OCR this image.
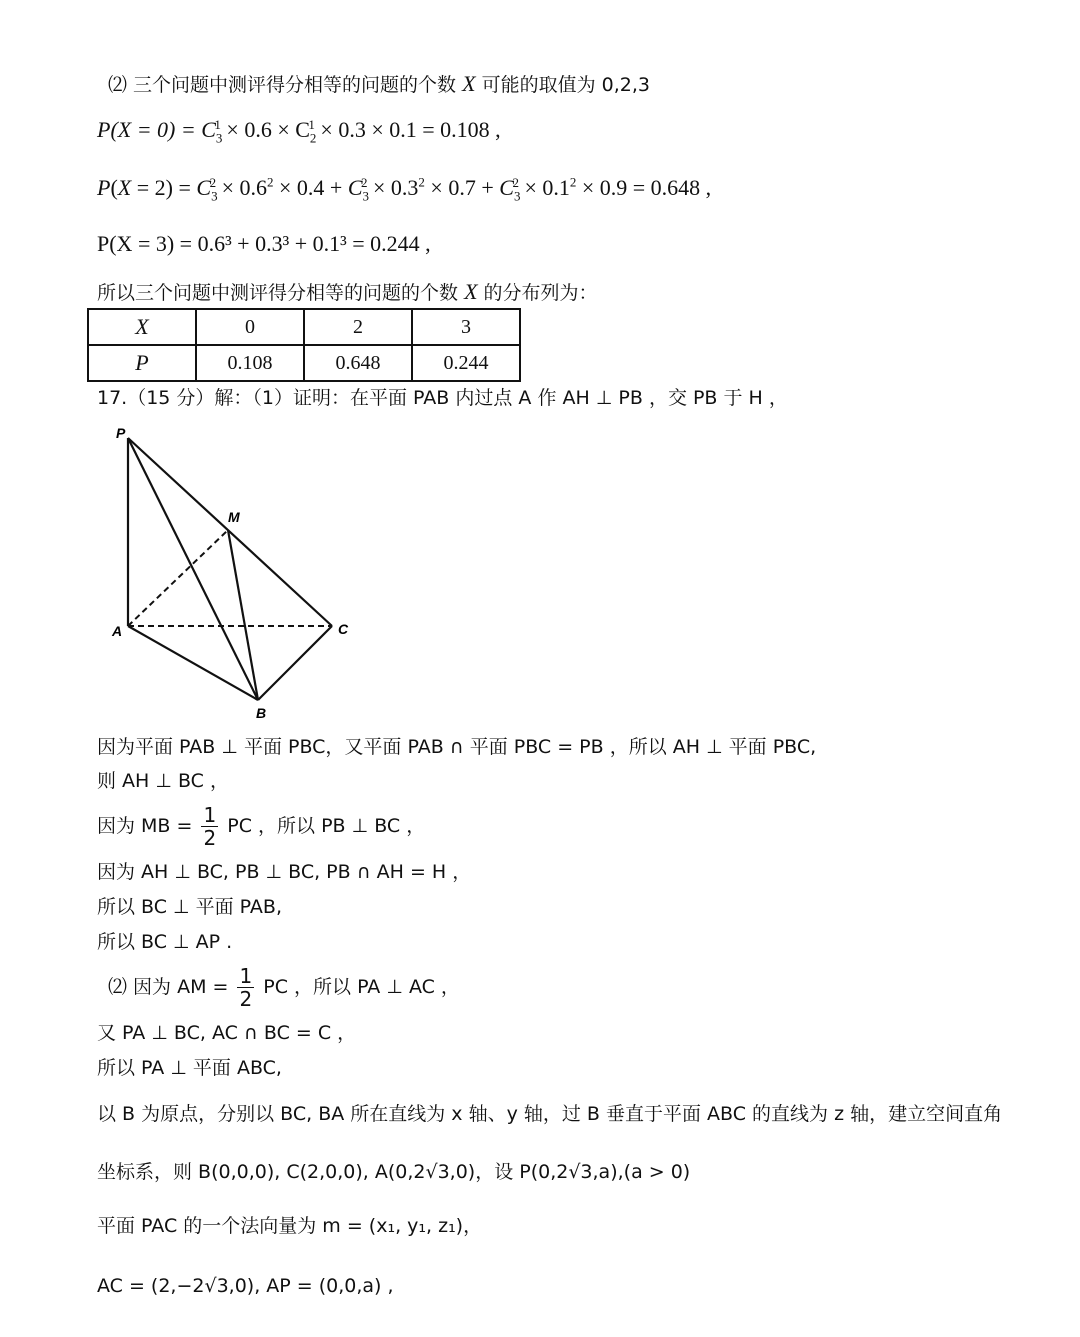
⑵ 三个问题中测评得分相等的问题的个数 X 可能的取值为 0,2,3
$P(X = 0) = C_3^1 \times 0.6 \times C_2^1 \times 0.3 \times 0.1 = 0.108$ ,
$P(X = 2) = C_3^2 \times 0.6^2 \times 0.4 + C_3^2 \times 0.3^2 \times 0.7 + C_3^2 \times 0.1^2 \times 0.9 = 0.648$ ,
P(X = 3) = 0.6³ + 0.3³ + 0.1³ = 0.244 ,
所以三个问题中测评得分相等的问题的个数 X 的分布列为：
X	0	2	3
P	0.108	0.648	0.244
17.（15 分）解：（1）证明：在平面 PAB 内过点 A 作 AH ⊥ PB ，交 PB 于 H ，
P
M
A	C
B
因为平面 PAB ⊥ 平面 PBC，又平面 PAB ∩ 平面 PBC = PB ，所以 AH ⊥ 平面 PBC,
则 AH ⊥ BC ，
因为 MB = $\frac{1}{2}$ PC ，所以 PB ⊥ BC ，
因为 AH ⊥ BC, PB ⊥ BC, PB ∩ AH = H ，
所以 BC ⊥ 平面 PAB,
所以 BC ⊥ AP .
⑵ 因为 AM = $\frac{1}{2}$ PC ，所以 PA ⊥ AC ，
又 PA ⊥ BC, AC ∩ BC = C ，
所以 PA ⊥ 平面 ABC,
以 B 为原点，分别以 BC, BA 所在直线为 x 轴、y 轴，过 B 垂直于平面 ABC 的直线为 z 轴，建立空间直角
坐标系，则 B(0,0,0), C(2,0,0), A(0,2√3,0)，设 P(0,2√3,a),(a > 0)
平面 PAC 的一个法向量为 m = (x₁, y₁, z₁)，
AC = (2,−2√3,0), AP = (0,0,a) ,
